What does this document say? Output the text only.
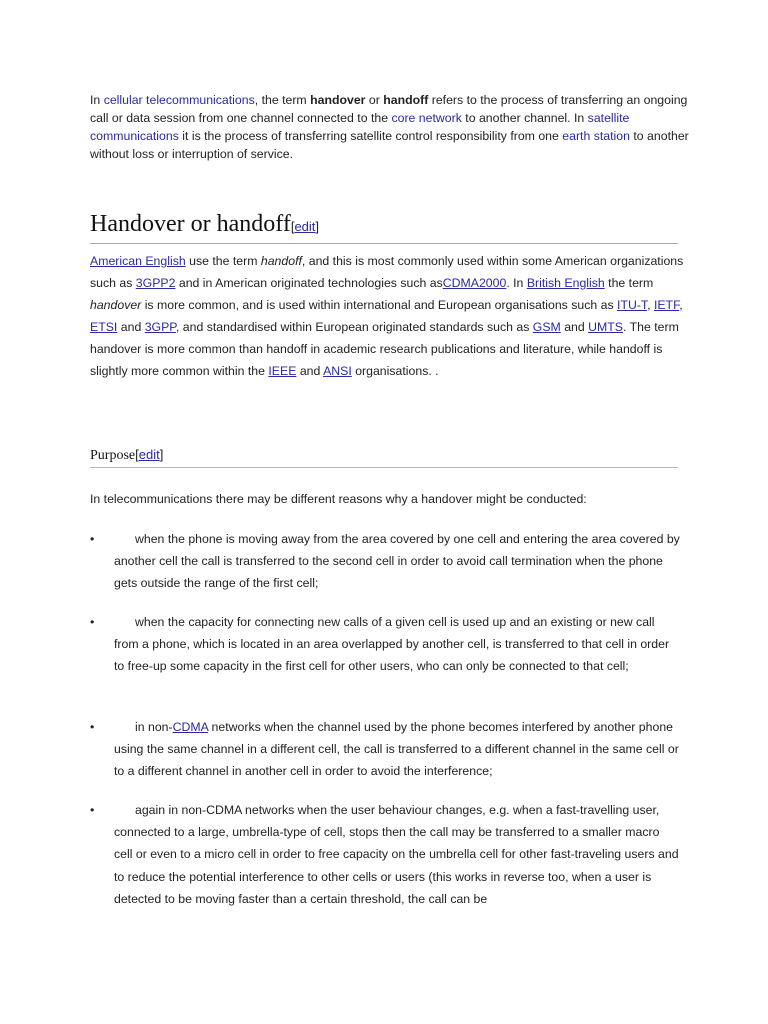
In cellular telecommunications, the term handover or handoff refers to the process of transferring an ongoing call or data session from one channel connected to the core network to another channel. In satellite communications it is the process of transferring satellite control responsibility from one earth station to another without loss or interruption of service.

Handover or handoff[edit]

American English use the term handoff, and this is most commonly used within some American organizations such as 3GPP2 and in American originated technologies such asCDMA2000. In British English the term handover is more common, and is used within international and European organisations such as ITU-T, IETF, ETSI and 3GPP, and standardised within European originated standards such as GSM and UMTS. The term handover is more common than handoff in academic research publications and literature, while handoff is slightly more common within the IEEE and ANSI organisations. .

Purpose[edit]

In telecommunications there may be different reasons why a handover might be conducted:

•	when the phone is moving away from the area covered by one cell and entering the area covered by another cell the call is transferred to the second cell in order to avoid call termination when the phone gets outside the range of the first cell;
•	when the capacity for connecting new calls of a given cell is used up and an existing or new call from a phone, which is located in an area overlapped by another cell, is transferred to that cell in order to free-up some capacity in the first cell for other users, who can only be connected to that cell;
•	in non-CDMA networks when the channel used by the phone becomes interfered by another phone using the same channel in a different cell, the call is transferred to a different channel in the same cell or to a different channel in another cell in order to avoid the interference;
•	again in non-CDMA networks when the user behaviour changes, e.g. when a fast-travelling user, connected to a large, umbrella-type of cell, stops then the call may be transferred to a smaller macro cell or even to a micro cell in order to free capacity on the umbrella cell for other fast-traveling users and to reduce the potential interference to other cells or users (this works in reverse too, when a user is detected to be moving faster than a certain threshold, the call can be
